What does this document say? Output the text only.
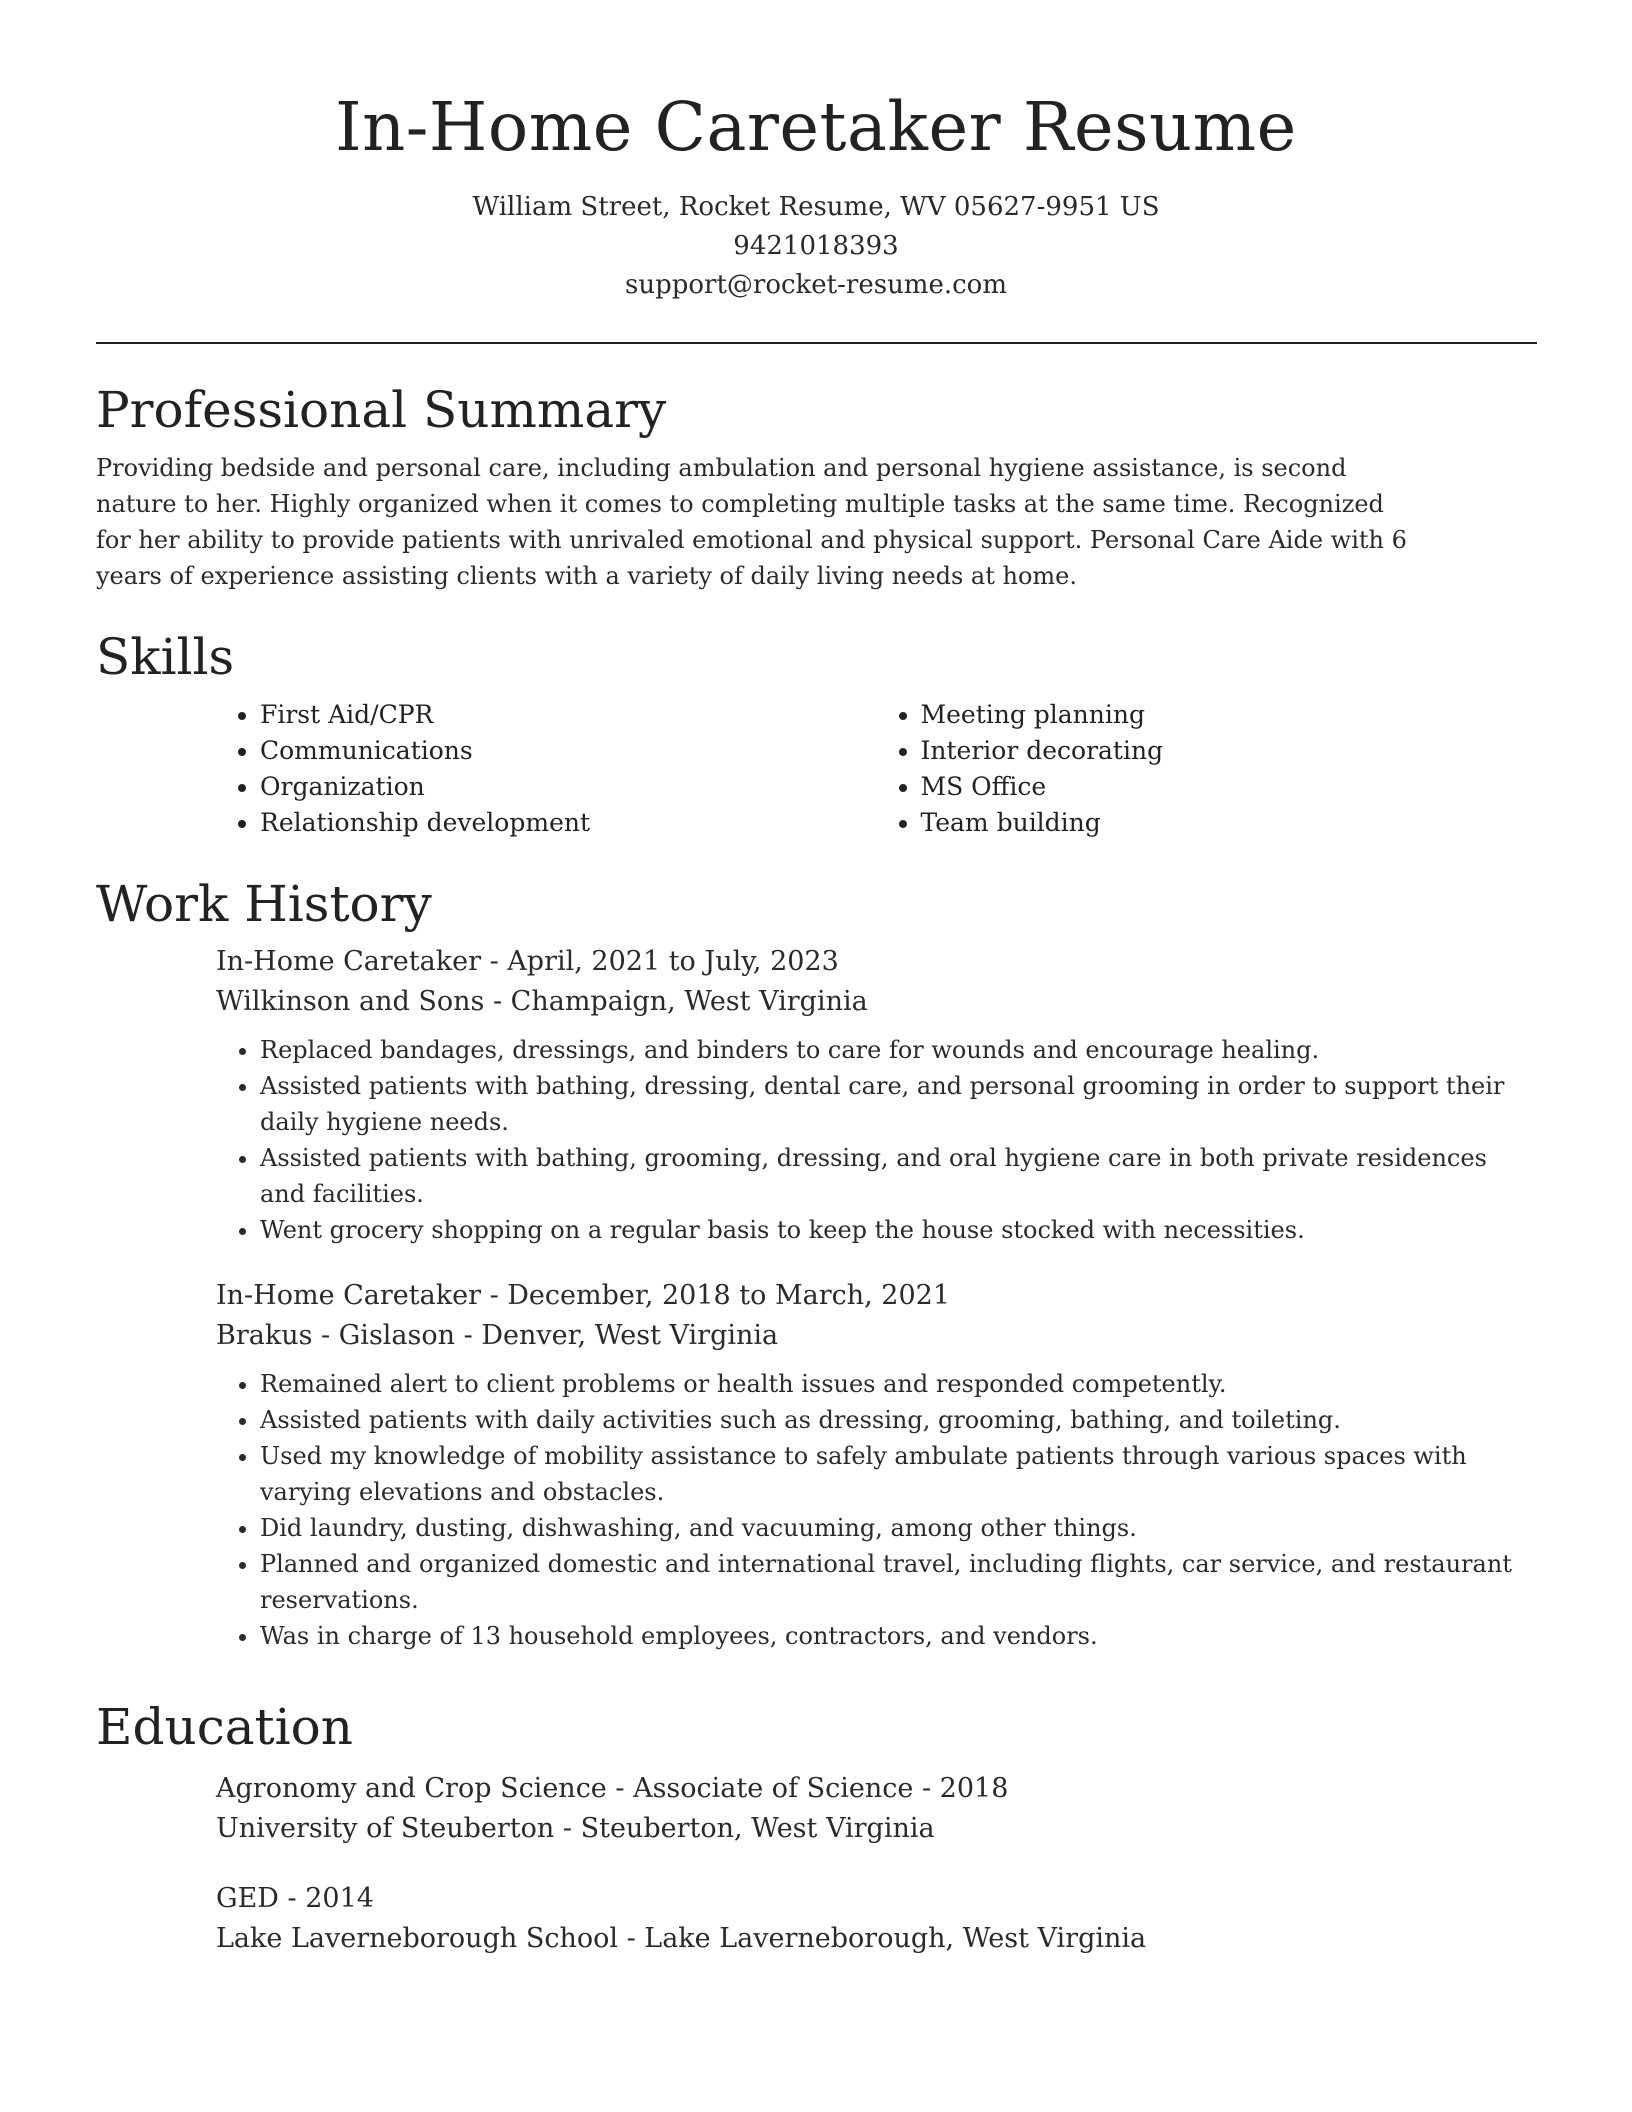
In-Home Caretaker Resume
William Street, Rocket Resume, WV 05627-9951 US
9421018393
support@rocket-resume.com
Professional Summary

Providing bedside and personal care, including ambulation and personal hygiene assistance, is second nature to her. Highly organized when it comes to completing multiple tasks at the same time. Recognized for her ability to provide patients with unrivaled emotional and physical support. Personal Care Aide with 6 years of experience assisting clients with a variety of daily living needs at home.

Skills
• First Aid/CPR
• Communications
• Organization
• Relationship development
• Meeting planning
• Interior decorating
• MS Office
• Team building
Work History
In-Home Caretaker - April, 2021 to July, 2023
Wilkinson and Sons - Champaign, West Virginia
• Replaced bandages, dressings, and binders to care for wounds and encourage healing.
• Assisted patients with bathing, dressing, dental care, and personal grooming in order to support their daily hygiene needs.
• Assisted patients with bathing, grooming, dressing, and oral hygiene care in both private residences and facilities.
• Went grocery shopping on a regular basis to keep the house stocked with necessities.
In-Home Caretaker - December, 2018 to March, 2021
Brakus - Gislason - Denver, West Virginia
• Remained alert to client problems or health issues and responded competently.
• Assisted patients with daily activities such as dressing, grooming, bathing, and toileting.
• Used my knowledge of mobility assistance to safely ambulate patients through various spaces with varying elevations and obstacles.
• Did laundry, dusting, dishwashing, and vacuuming, among other things.
• Planned and organized domestic and international travel, including flights, car service, and restaurant reservations.
• Was in charge of 13 household employees, contractors, and vendors.
Education
Agronomy and Crop Science - Associate of Science - 2018
University of Steuberton - Steuberton, West Virginia
GED - 2014
Lake Laverneborough School - Lake Laverneborough, West Virginia
